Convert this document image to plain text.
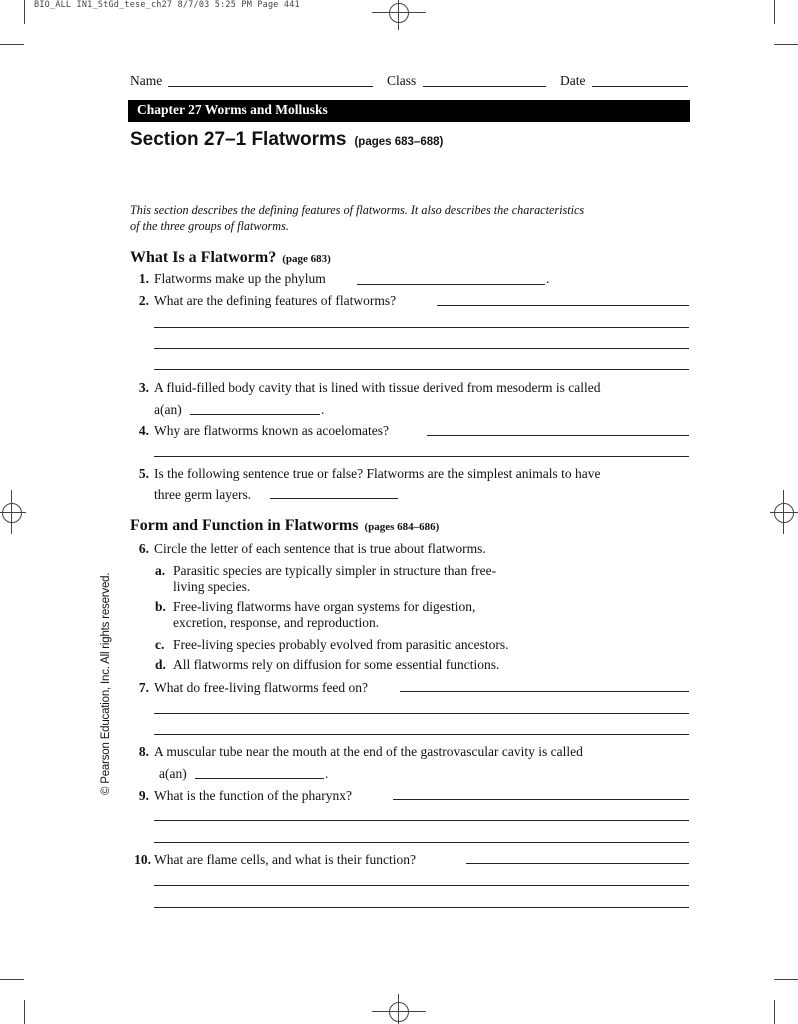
BIO_ALL IN1_StGd_tese_ch27 8/7/03 5:25 PM Page 441
Name	Class	Date
Chapter 27 Worms and Mollusks
Section 27–1 Flatworms (pages 683–688)
This section describes the defining features of flatworms. It also describes the characteristics of the three groups of flatworms.
What Is a Flatworm? (page 683)
1. Flatworms make up the phylum	.
2. What are the defining features of flatworms?
3. A fluid-filled body cavity that is lined with tissue derived from mesoderm is called
a(an)	.
4. Why are flatworms known as acoelomates?
5. Is the following sentence true or false? Flatworms are the simplest animals to have
three germ layers.
Form and Function in Flatworms (pages 684–686)
6. Circle the letter of each sentence that is true about flatworms.
a. Parasitic species are typically simpler in structure than free-
living species.
b. Free-living flatworms have organ systems for digestion,
excretion, response, and reproduction.
c. Free-living species probably evolved from parasitic ancestors.
d. All flatworms rely on diffusion for some essential functions.
7. What do free-living flatworms feed on?
8. A muscular tube near the mouth at the end of the gastrovascular cavity is called
a(an)	.
9. What is the function of the pharynx?
10. What are flame cells, and what is their function?
© Pearson Education, Inc. All rights reserved.
